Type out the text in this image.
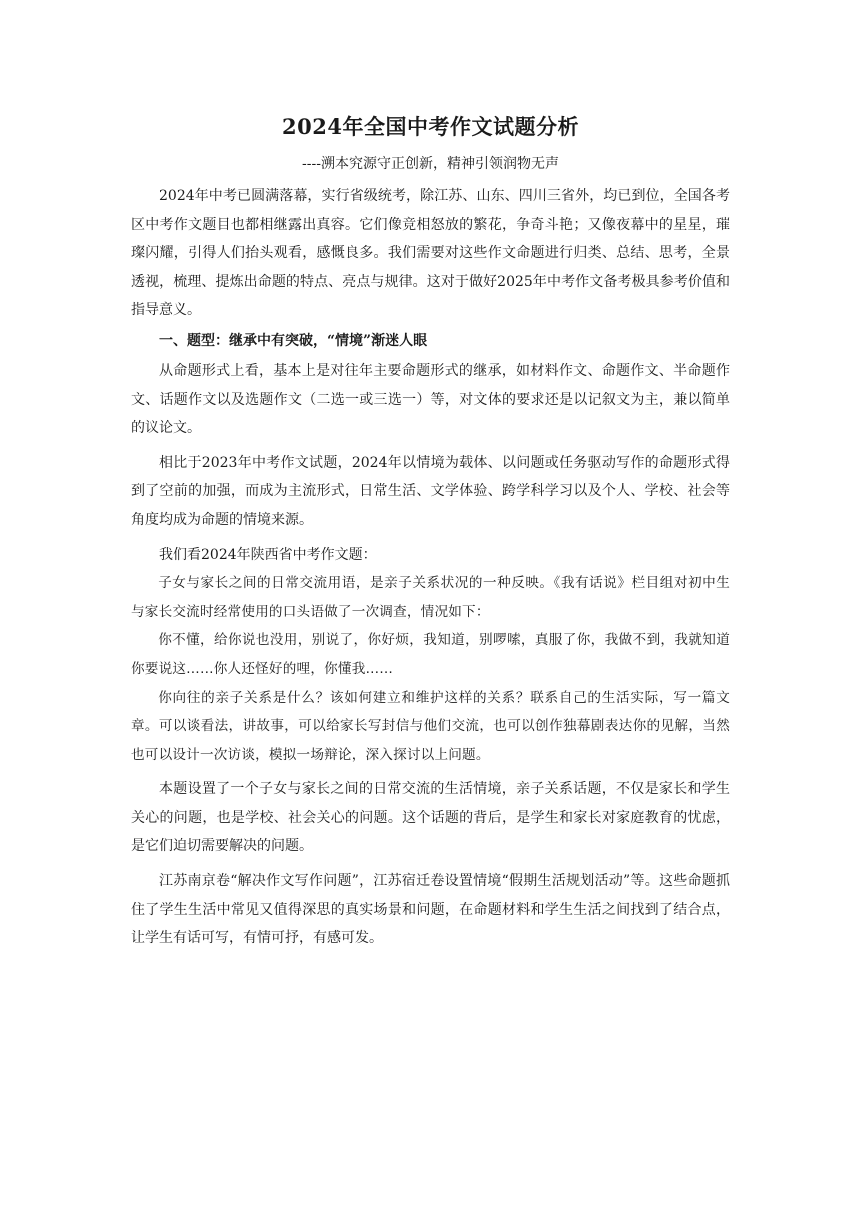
2024年全国中考作文试题分析
----溯本究源守正创新，精神引领润物无声

2024年中考已圆满落幕，实行省级统考，除江苏、山东、四川三省外，均已到位，全国各考区中考作文题目也都相继露出真容。它们像竞相怒放的繁花，争奇斗艳；又像夜幕中的星星，璀璨闪耀，引得人们抬头观看，感慨良多。我们需要对这些作文命题进行归类、总结、思考，全景透视，梳理、提炼出命题的特点、亮点与规律。这对于做好2025年中考作文备考极具参考价值和指导意义。

一、题型：继承中有突破，“情境”渐迷人眼

从命题形式上看，基本上是对往年主要命题形式的继承，如材料作文、命题作文、半命题作文、话题作文以及选题作文（二选一或三选一）等，对文体的要求还是以记叙文为主，兼以简单的议论文。

相比于2023年中考作文试题，2024年以情境为载体、以问题或任务驱动写作的命题形式得到了空前的加强，而成为主流形式，日常生活、文学体验、跨学科学习以及个人、学校、社会等角度均成为命题的情境来源。

我们看2024年陕西省中考作文题：

子女与家长之间的日常交流用语，是亲子关系状况的一种反映。《我有话说》栏目组对初中生与家长交流时经常使用的口头语做了一次调查，情况如下：

你不懂，给你说也没用，别说了，你好烦，我知道，别啰嗦，真服了你，我做不到，我就知道你要说这……你人还怪好的哩，你懂我……

你向往的亲子关系是什么？该如何建立和维护这样的关系？联系自己的生活实际，写一篇文章。可以谈看法，讲故事，可以给家长写封信与他们交流，也可以创作独幕剧表达你的见解，当然也可以设计一次访谈，模拟一场辩论，深入探讨以上问题。

本题设置了一个子女与家长之间的日常交流的生活情境，亲子关系话题，不仅是家长和学生关心的问题，也是学校、社会关心的问题。这个话题的背后，是学生和家长对家庭教育的忧虑，是它们迫切需要解决的问题。

江苏南京卷“解决作文写作问题”，江苏宿迁卷设置情境“假期生活规划活动”等。这些命题抓住了学生生活中常见又值得深思的真实场景和问题，在命题材料和学生生活之间找到了结合点，让学生有话可写，有情可抒，有感可发。
